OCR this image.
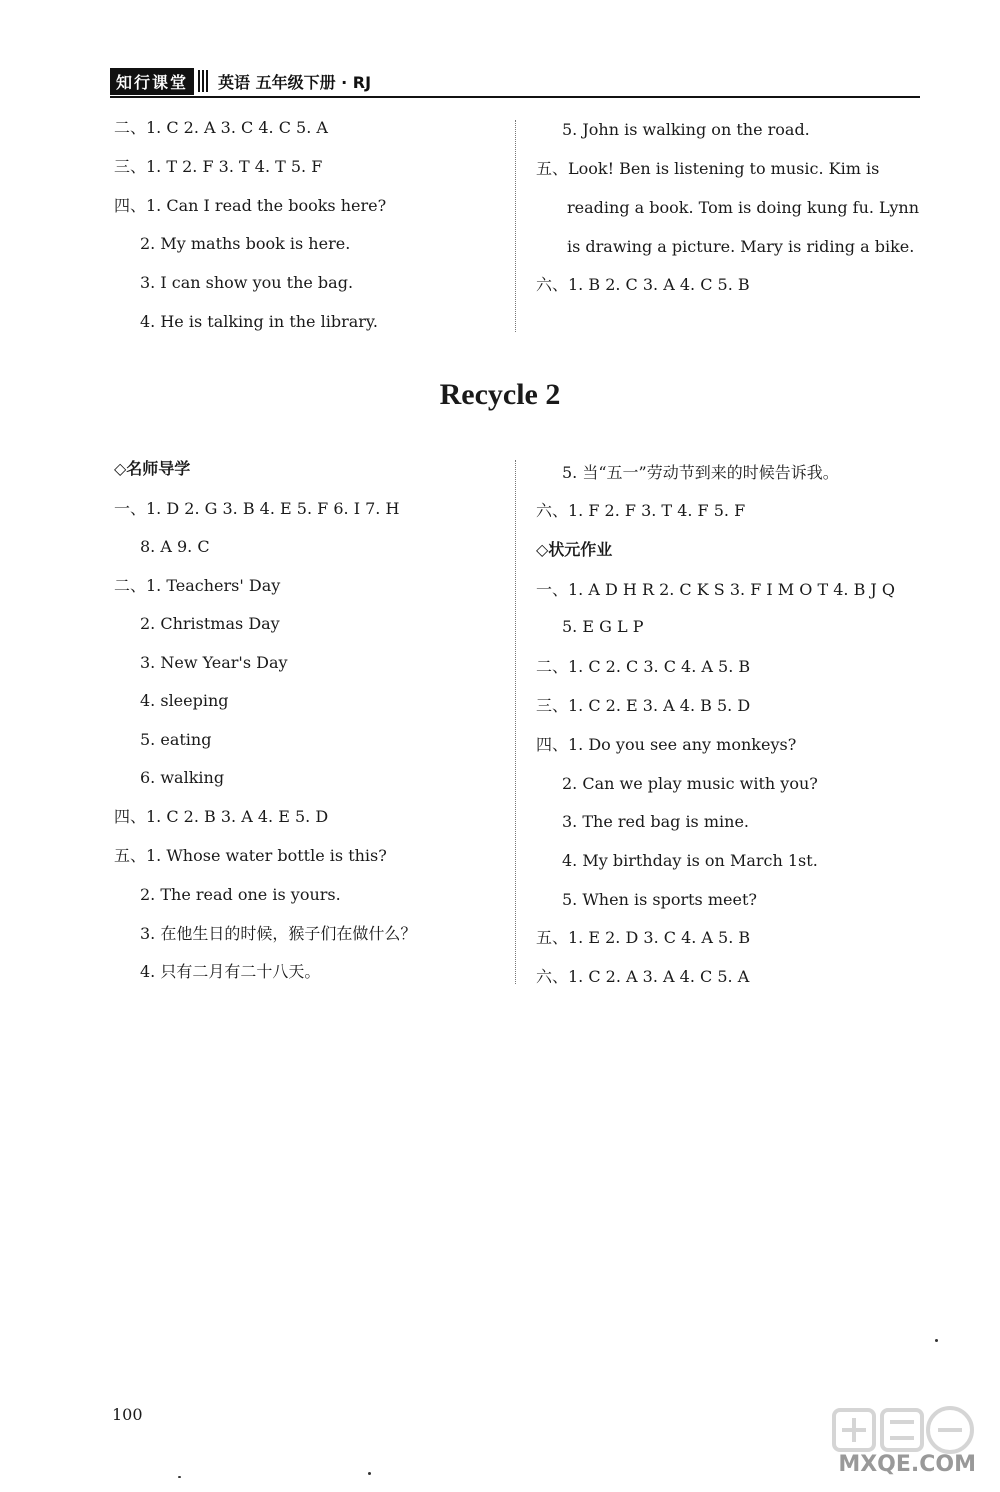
知行课堂	英语 五年级下册 · RJ
二、1. C 2. A 3. C 4. C 5. A
三、1. T 2. F 3. T 4. T 5. F
四、1. Can I read the books here?
2. My maths book is here.
3. I can show you the bag.
4. He is talking in the library.
5. John is walking on the road.
五、Look! Ben is listening to music. Kim is
reading a book. Tom is doing kung fu. Lynn
is drawing a picture. Mary is riding a bike.
六、1. B 2. C 3. A 4. C 5. B
Recycle 2
◇名师导学
一、1. D 2. G 3. B 4. E 5. F 6. I 7. H
8. A 9. C
二、1. Teachers' Day
2. Christmas Day
3. New Year's Day
4. sleeping
5. eating
6. walking
四、1. C 2. B 3. A 4. E 5. D
五、1. Whose water bottle is this?
2. The read one is yours.
3. 在他生日的时候，猴子们在做什么？
4. 只有二月有二十八天。
5. 当“五一”劳动节到来的时候告诉我。
六、1. F 2. F 3. T 4. F 5. F
◇状元作业
一、1. A D H R 2. C K S 3. F I M O T 4. B J Q
5. E G L P
二、1. C 2. C 3. C 4. A 5. B
三、1. C 2. E 3. A 4. B 5. D
四、1. Do you see any monkeys?
2. Can we play music with you?
3. The red bag is mine.
4. My birthday is on March 1st.
5. When is sports meet?
五、1. E 2. D 3. C 4. A 5. B
六、1. C 2. A 3. A 4. C 5. A
100
MXQE.COM
